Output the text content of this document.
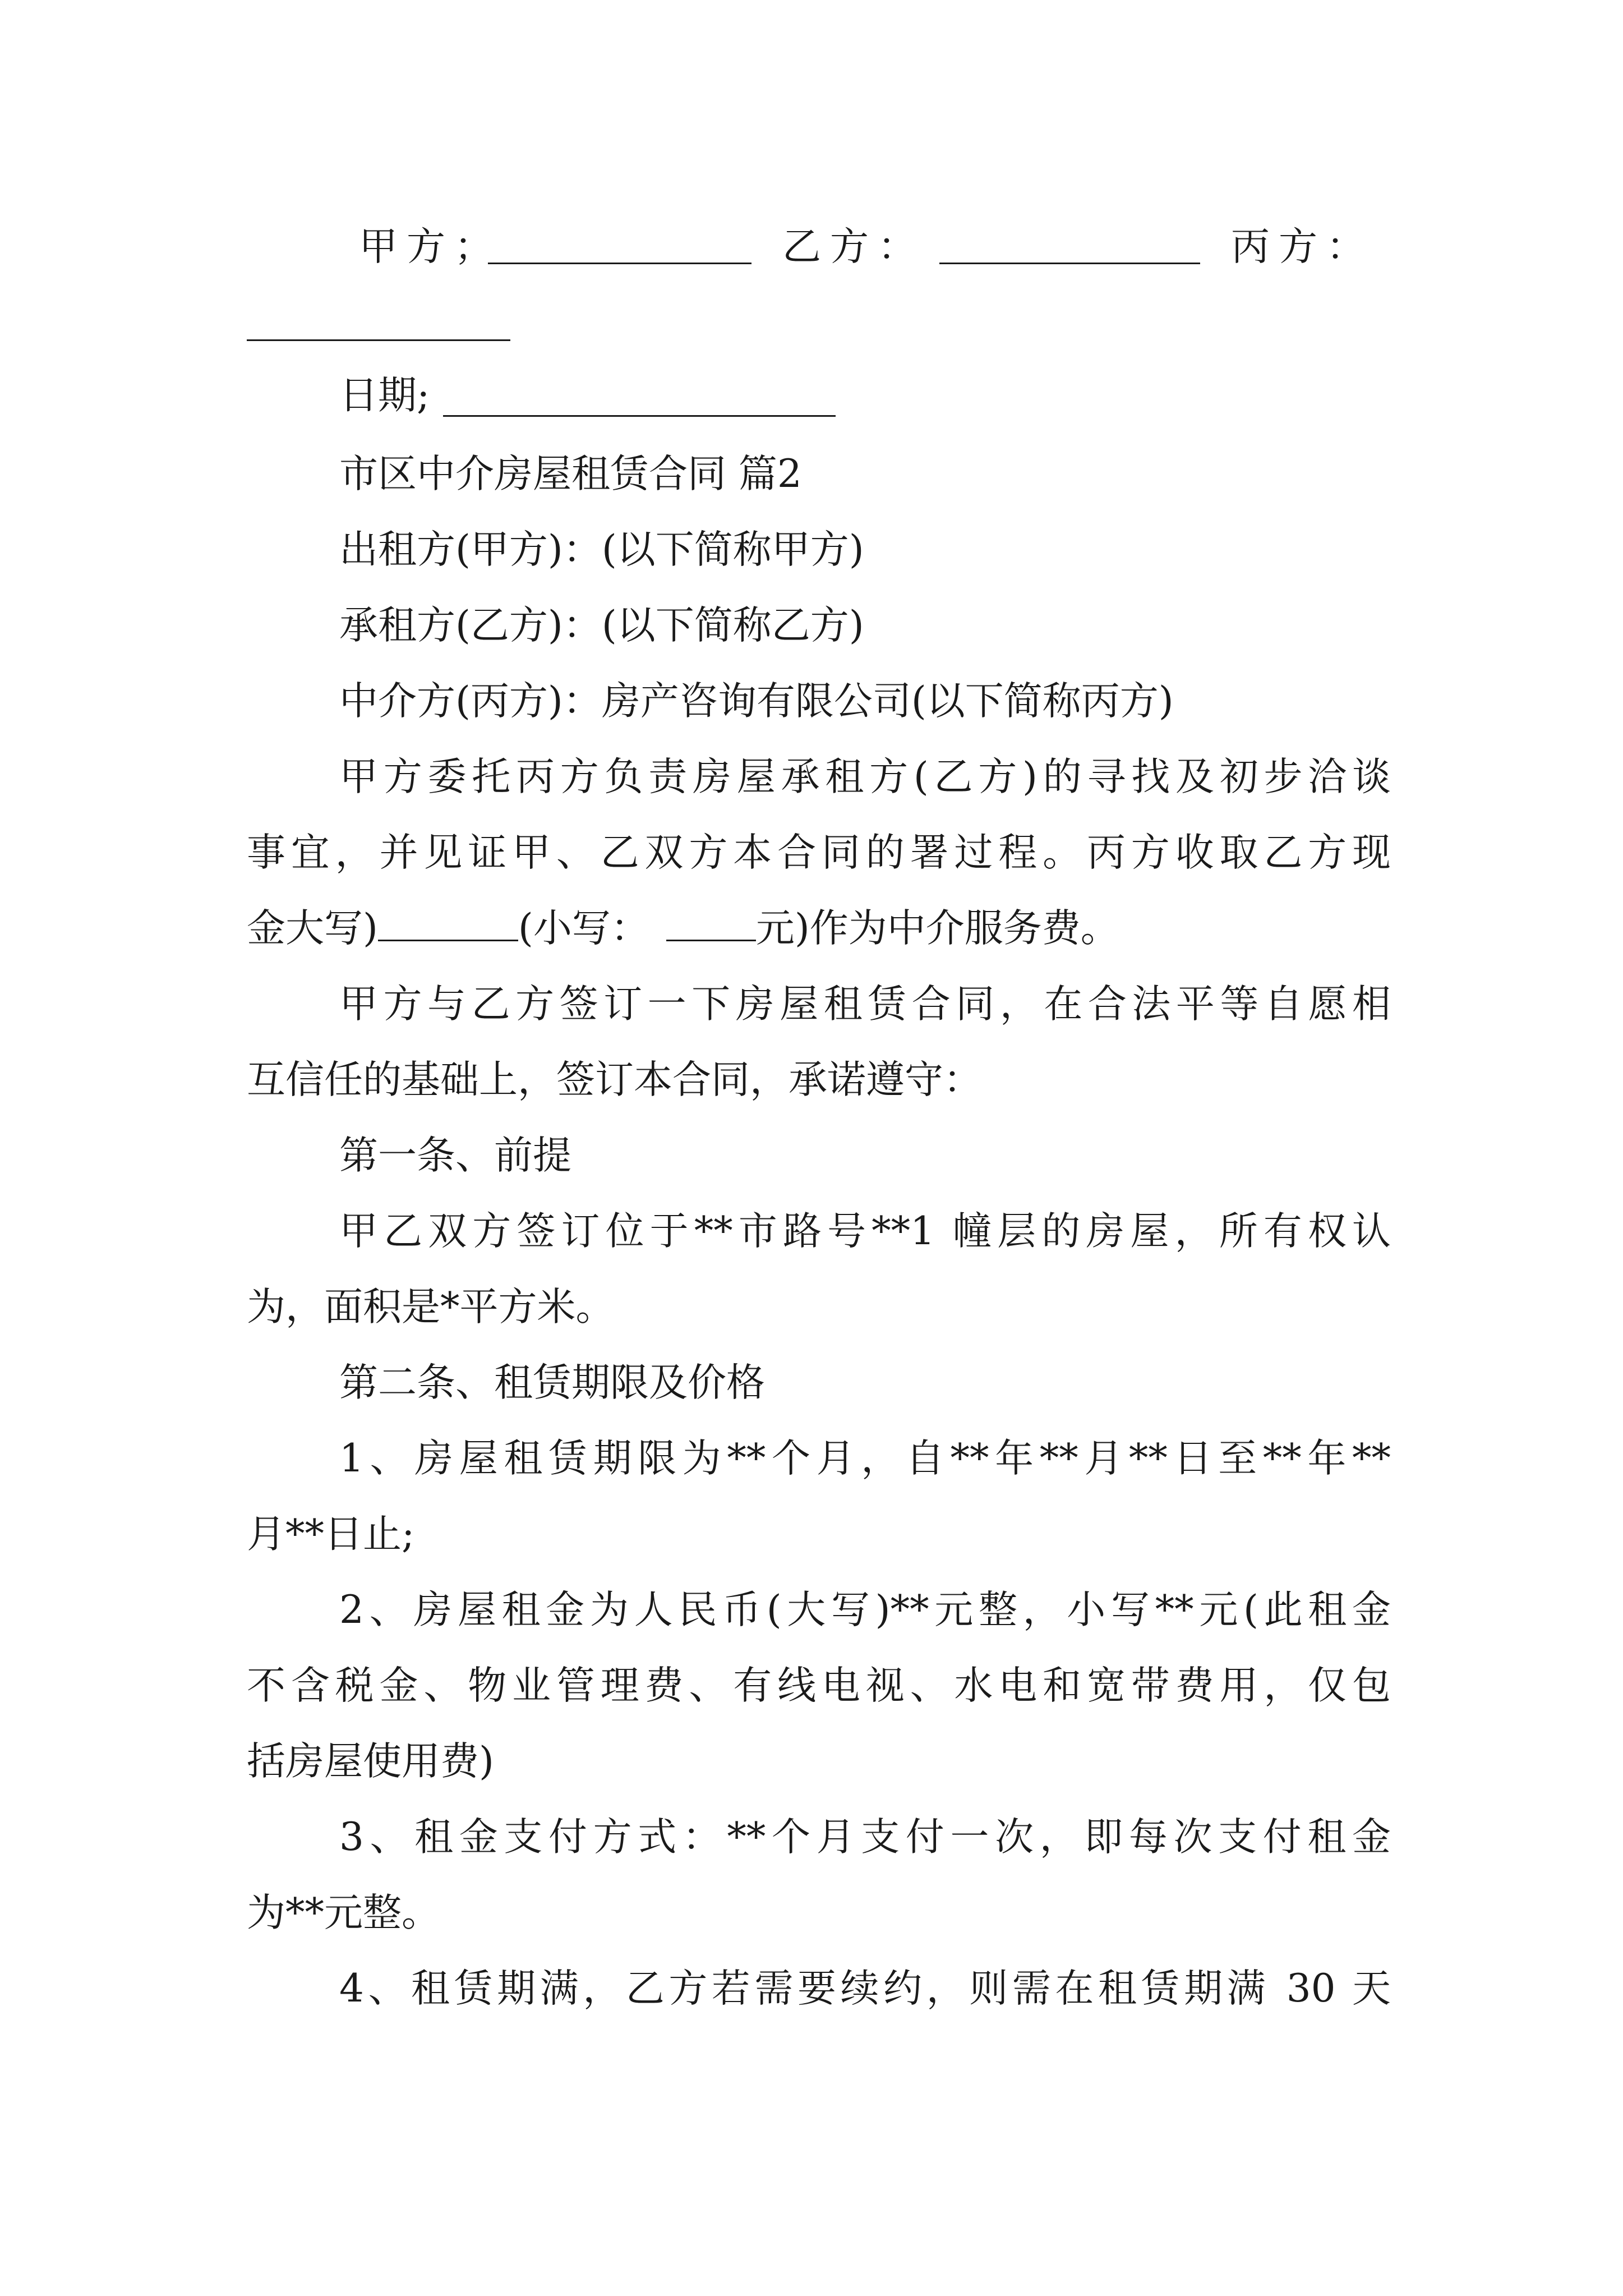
甲方；	乙方：	丙方：
日期;
市区中介房屋租赁合同 篇2
出租方(甲方)：(以下简称甲方)
承租方(乙方)：(以下简称乙方)
中介方(丙方)：房产咨询有限公司(以下简称丙方)
甲方委托丙方负责房屋承租方(乙方)的寻找及初步洽谈
事宜，并见证甲、乙双方本合同的署过程。丙方收取乙方现
金大写)	(小写：	元)作为中介服务费。
甲方与乙方签订一下房屋租赁合同，在合法平等自愿相
互信任的基础上，签订本合同，承诺遵守：
第一条、前提
甲乙双方签订位于**市路号**1 幢层的房屋，所有权认
为，面积是*平方米。
第二条、租赁期限及价格
1、房屋租赁期限为**个月，自**年**月**日至**年**
月**日止;
2、房屋租金为人民币(大写)**元整，小写**元(此租金
不含税金、物业管理费、有线电视、水电和宽带费用，仅包
括房屋使用费)
3、租金支付方式：**个月支付一次，即每次支付租金
为**元整。
4、租赁期满，乙方若需要续约，则需在租赁期满 30 天
